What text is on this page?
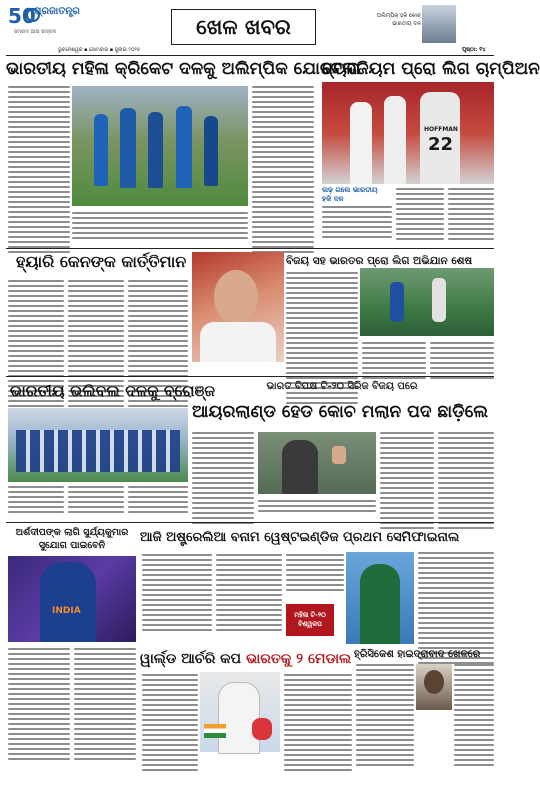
50
ପ୍ରଜାତନ୍ତ୍ର
ସମ୍ବାଦ ଆଉ ସମ୍ବାଦ
ଭୁବନେଶ୍ୱର ▪ ସୋମବାର ▪ ଜୁଲାଇ ୨୦୨୫
ଖେଳ ଖବର	ଅଲିମ୍ପିକ୍ ହକି କୋଚ୍ ଭାରତୀୟ ଦଳ
ପୃଷ୍ଠା: ୧୪
ଭାରତୀୟ ମହିଳା କ୍ରିକେଟ ଦଳକୁ ଅଲିମ୍ପିକ ଯୋଗ୍ୟତା
ବେଲଜିୟମ ପ୍ରୋ ଲିଗ ଚାମ୍ପିଅନ
HOFFMAN
22
ଲଢ଼ ଗଲେ ଭାରତୀୟ ହକି ଦଳ
ହ୍ୟାରି କେନଙ୍କ କାର୍ତ୍ତିମାନ	ବିଜୟ ସହ ଭାରତର ପ୍ରୋ ଲିଗ ଅଭିଯାନ ଶେଷ
ଭାରତୀୟ ଭଲିବଲ ଦଳକୁ ବ୍ରୋଞ୍ଜ	ଭାରତ ବିପକ୍ଷ ଟି-୨୦ ସିରିଜ ବିଜୟ ପରେ
ଆୟରଲାଣ୍ଡ ହେଡ କୋଚ ମଲାନ ପଦ ଛାଡ଼ିଲେ
ଅର୍ଶଦୀପଙ୍କ ଲାଗି ସୁର୍ଯ୍ୟକୁମାର ସୁଯୋଗ ପାଇବେନି
INDIA
ଆଜି ଅଷ୍ଟ୍ରେଲିଆ ବନାମ ୱେଷ୍ଟଇଣ୍ଡିଜ ପ୍ରଥମ ସେମିଫାଇନାଲ
ମହିଳା ଟି-୨୦ ବିଶ୍ୱକପ
ୱାର୍ଲ୍ଡ ଆର୍ଚରି କପ ଭାରତକୁ ୨ ମେଡାଲ ହ୍ରିସିକେଶ ହାଇଦ୍ରାବାଦ ଖେଳରେ
